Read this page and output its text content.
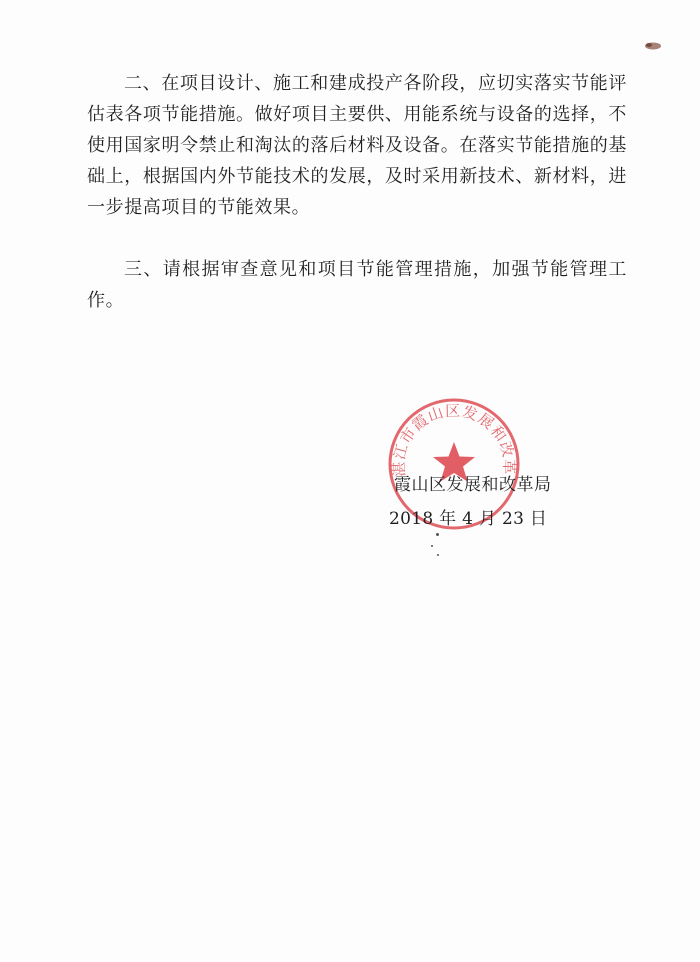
二、在项目设计、施工和建成投产各阶段，应切实落实节能评估表各项节能措施。做好项目主要供、用能系统与设备的选择，不使用国家明令禁止和淘汰的落后材料及设备。在落实节能措施的基础上，根据国内外节能技术的发展，及时采用新技术、新材料，进一步提高项目的节能效果。

三、请根据审查意见和项目节能管理措施，加强节能管理工作。

湛江市霞山区发展和改革

霞山区发展和改革局

2018 年 4 月 23 日
